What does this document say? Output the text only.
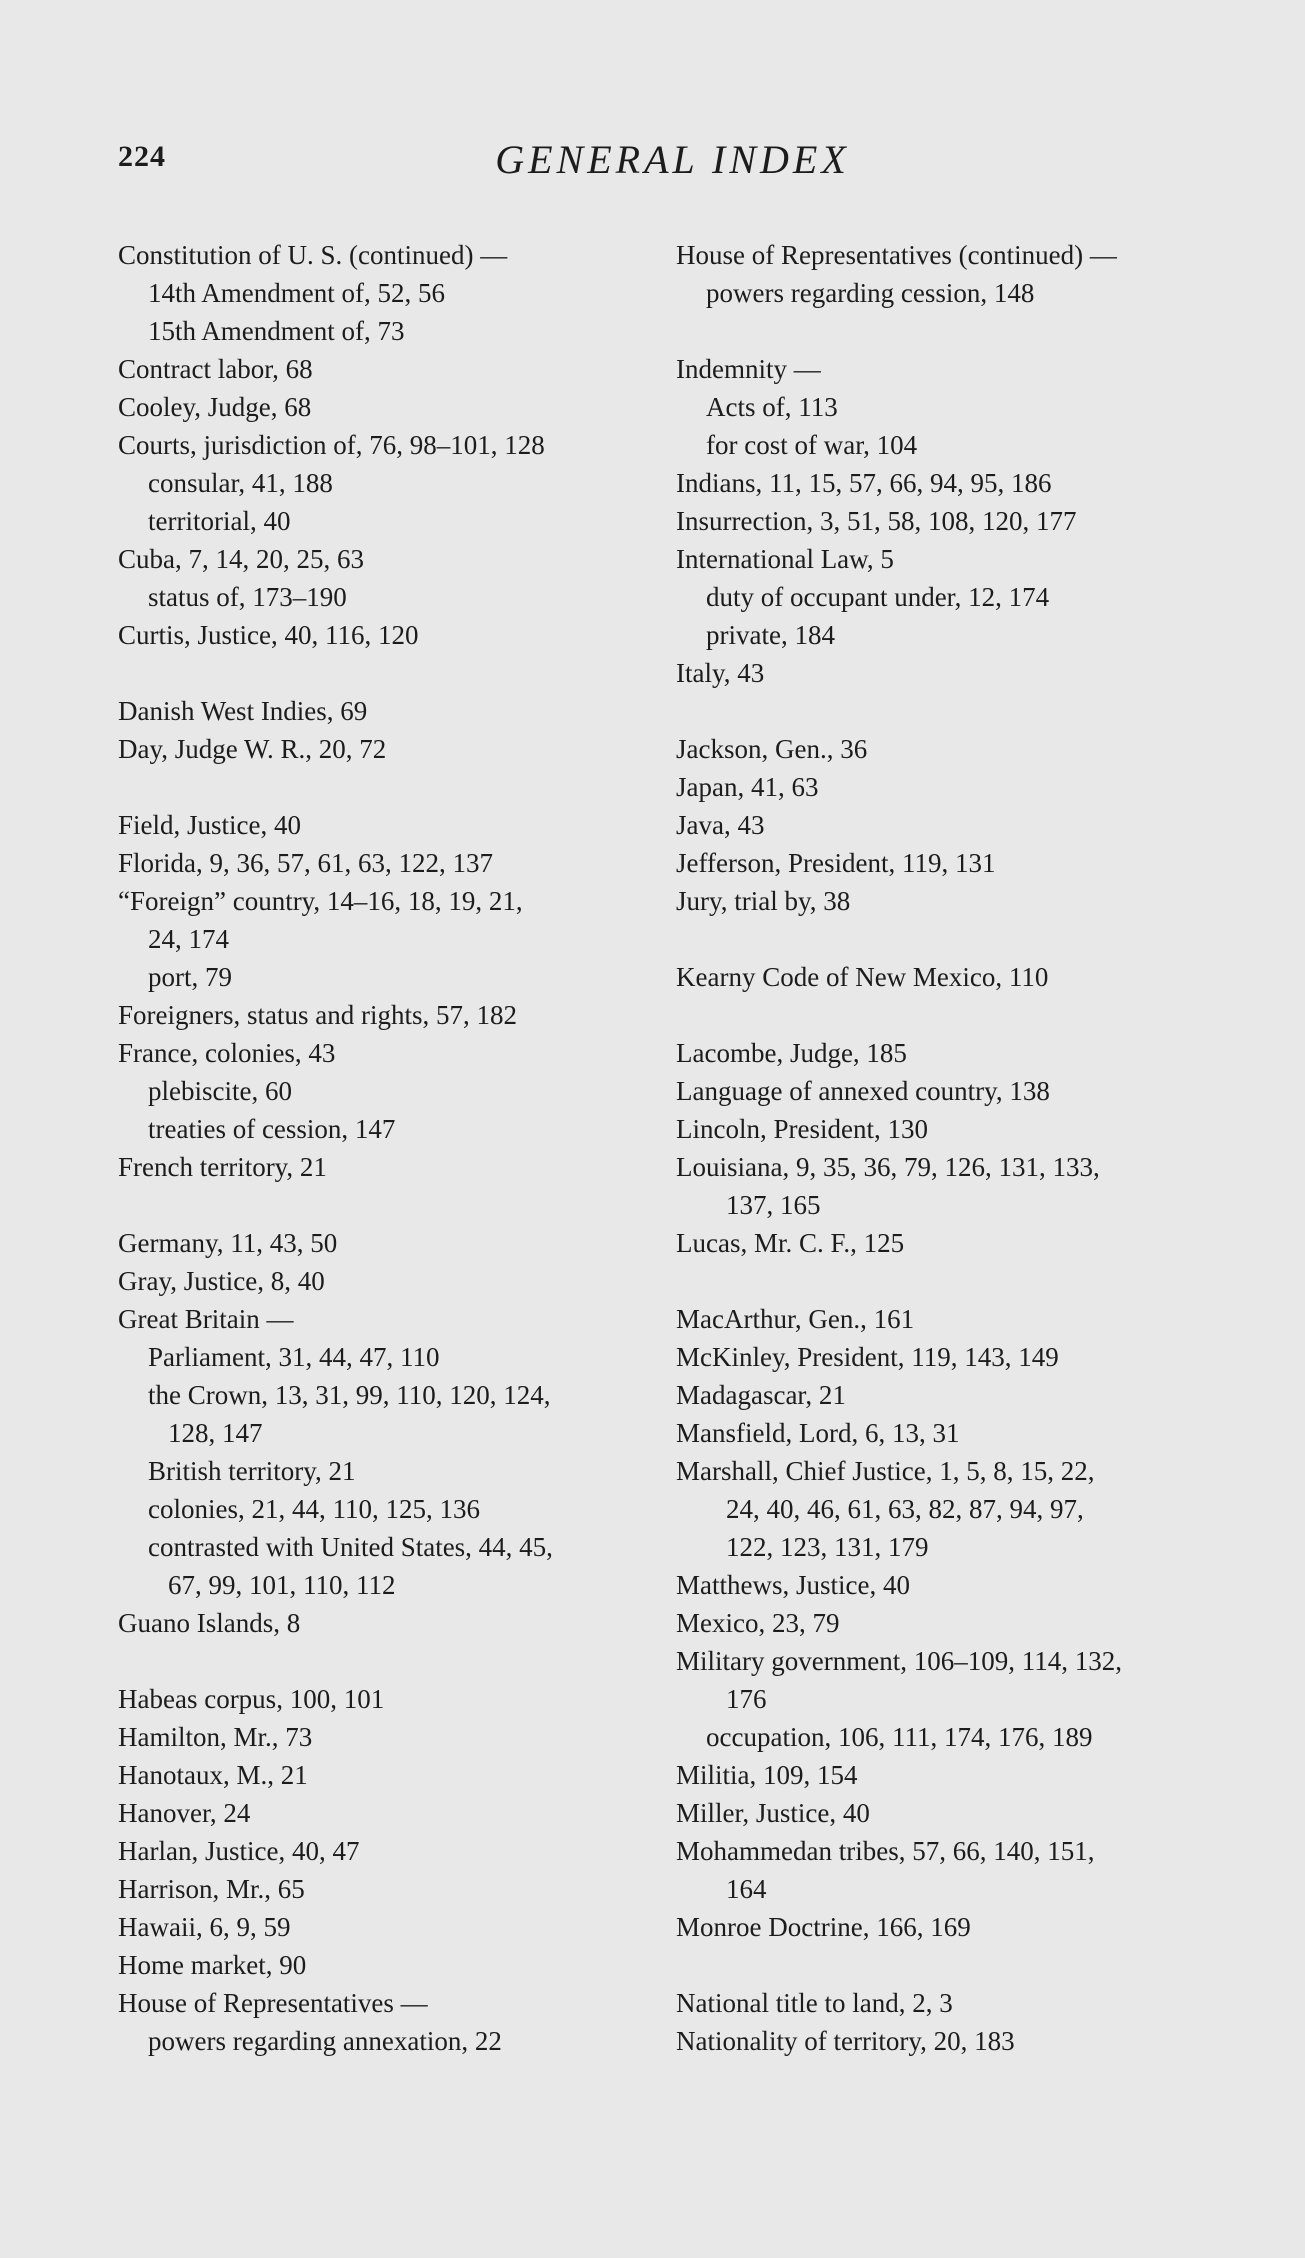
224	GENERAL INDEX
Constitution of U. S. (continued) —
14th Amendment of, 52, 56
15th Amendment of, 73
Contract labor, 68
Cooley, Judge, 68
Courts, jurisdiction of, 76, 98–101, 128
consular, 41, 188
territorial, 40
Cuba, 7, 14, 20, 25, 63
status of, 173–190
Curtis, Justice, 40, 116, 120
Danish West Indies, 69
Day, Judge W. R., 20, 72
Field, Justice, 40
Florida, 9, 36, 57, 61, 63, 122, 137
“Foreign” country, 14–16, 18, 19, 21,
24, 174
port, 79
Foreigners, status and rights, 57, 182
France, colonies, 43
plebiscite, 60
treaties of cession, 147
French territory, 21
Germany, 11, 43, 50
Gray, Justice, 8, 40
Great Britain —
Parliament, 31, 44, 47, 110
the Crown, 13, 31, 99, 110, 120, 124,
128, 147
British territory, 21
colonies, 21, 44, 110, 125, 136
contrasted with United States, 44, 45,
67, 99, 101, 110, 112
Guano Islands, 8
Habeas corpus, 100, 101
Hamilton, Mr., 73
Hanotaux, M., 21
Hanover, 24
Harlan, Justice, 40, 47
Harrison, Mr., 65
Hawaii, 6, 9, 59
Home market, 90
House of Representatives —
powers regarding annexation, 22
House of Representatives (continued) —
powers regarding cession, 148
Indemnity —
Acts of, 113
for cost of war, 104
Indians, 11, 15, 57, 66, 94, 95, 186
Insurrection, 3, 51, 58, 108, 120, 177
International Law, 5
duty of occupant under, 12, 174
private, 184
Italy, 43
Jackson, Gen., 36
Japan, 41, 63
Java, 43
Jefferson, President, 119, 131
Jury, trial by, 38
Kearny Code of New Mexico, 110
Lacombe, Judge, 185
Language of annexed country, 138
Lincoln, President, 130
Louisiana, 9, 35, 36, 79, 126, 131, 133,
137, 165
Lucas, Mr. C. F., 125
MacArthur, Gen., 161
McKinley, President, 119, 143, 149
Madagascar, 21
Mansfield, Lord, 6, 13, 31
Marshall, Chief Justice, 1, 5, 8, 15, 22,
24, 40, 46, 61, 63, 82, 87, 94, 97,
122, 123, 131, 179
Matthews, Justice, 40
Mexico, 23, 79
Military government, 106–109, 114, 132,
176
occupation, 106, 111, 174, 176, 189
Militia, 109, 154
Miller, Justice, 40
Mohammedan tribes, 57, 66, 140, 151,
164
Monroe Doctrine, 166, 169
National title to land, 2, 3
Nationality of territory, 20, 183
